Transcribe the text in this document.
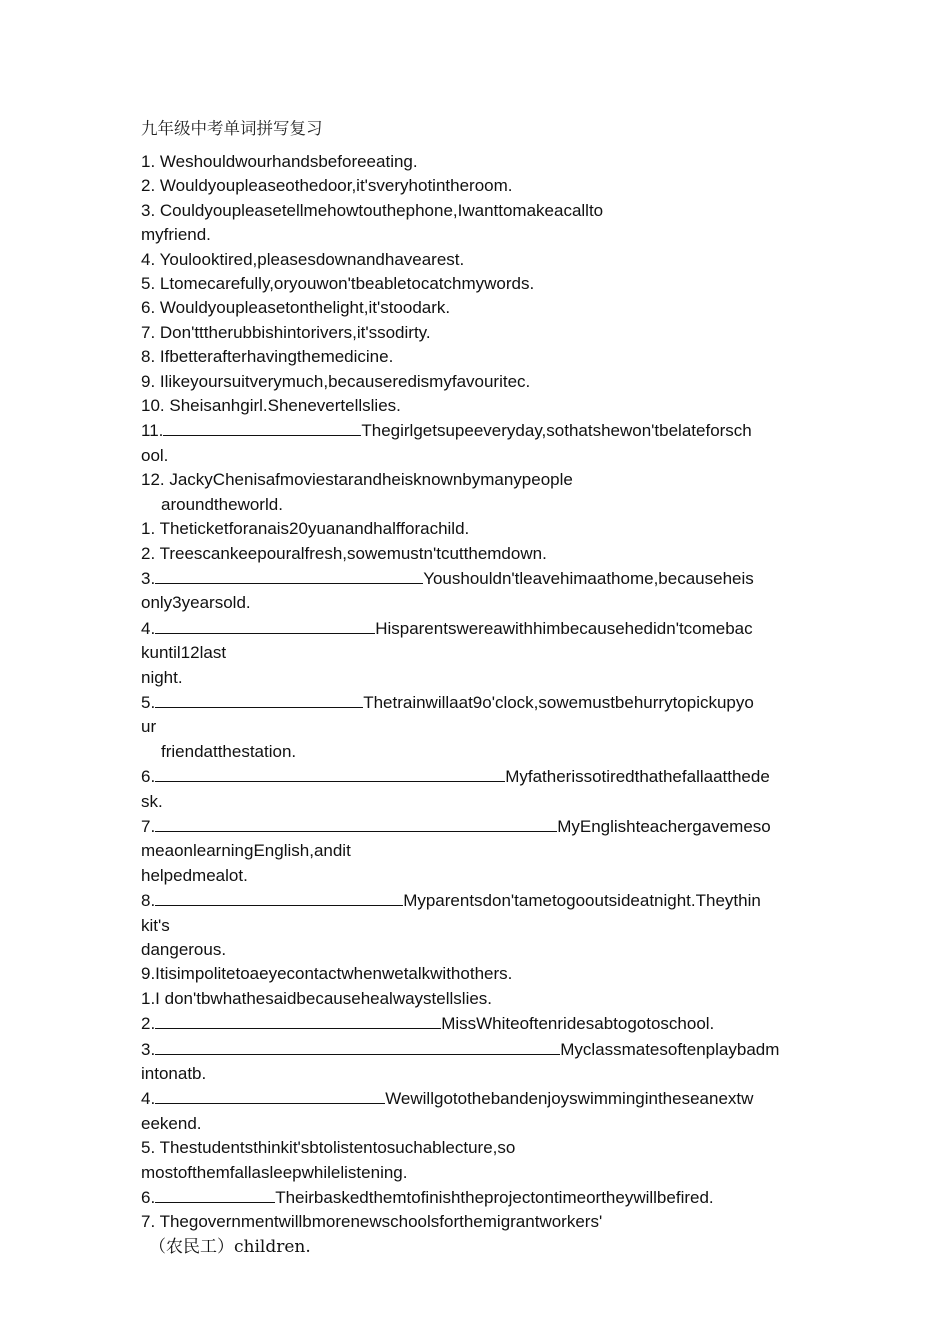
九年级中考单词拼写复习
1. Weshouldwourhandsbeforeeating.
2. Wouldyoupleaseothedoor,it'sveryhotintheroom.
3. Couldyoupleasetellmehowtouthephone,Iwanttomakeacallto
myfriend.
4. Youlooktired,pleasesdownandhavearest.
5. Ltomecarefully,oryouwon'tbeabletocatchmywords.
6. Wouldyoupleasetonthelight,it'stoodark.
7. Don'tttherubbishintorivers,it'ssodirty.
8. Ifbetterafterhavingthemedicine.
9. Ilikeyoursuitverymuch,becauseredismyfavouritec.
10. Sheisanhgirl.Shenevertellslies.
11.	Thegirlgetsupeeveryday,sothatshewon'tbelateforsch
ool.
12. JackyChenisafmoviestarandheisknownbymanypeople
aroundtheworld.
1. Theticketforanais20yuanandhalfforachild.
2. Treescankeepouralfresh,sowemustn'tcutthemdown.
3.	Youshouldn'tleavehimaathome,becauseheis
only3yearsold.
4.	Hisparentswereawithhimbecausehedidn'tcomebac
kuntil12last
night.
5.	Thetrainwillaat9o'clock,sowemustbehurrytopickupyo
ur
friendatthestation.
6.	Myfatherissotiredthathefallaatthede
sk.
7.	MyEnglishteachergavemeso
meaonlearningEnglish,andit
helpedmealot.
8.	Myparentsdon'tametogooutsideatnight.Theythin
kit's
dangerous.
9.Itisimpolitetoaeyecontactwhenwetalkwithothers.
1.I don'tbwhathesaidbecausehealwaystellslies.
2.	MissWhiteoftenridesabtogotoschool.
3.	Myclassmatesoftenplaybadm
intonatb.
4.	Wewillgotothebandenjoyswimmingintheseanextw
eekend.
5. Thestudentsthinkit'sbtolistentosuchablecture,so
mostofthemfallasleepwhilelistening.
6.	Theirbaskedthemtofinishtheprojectontimeortheywillbefired.
7. Thegovernmentwillbmorenewschoolsforthemigrantworkers'
（农民工）children.
